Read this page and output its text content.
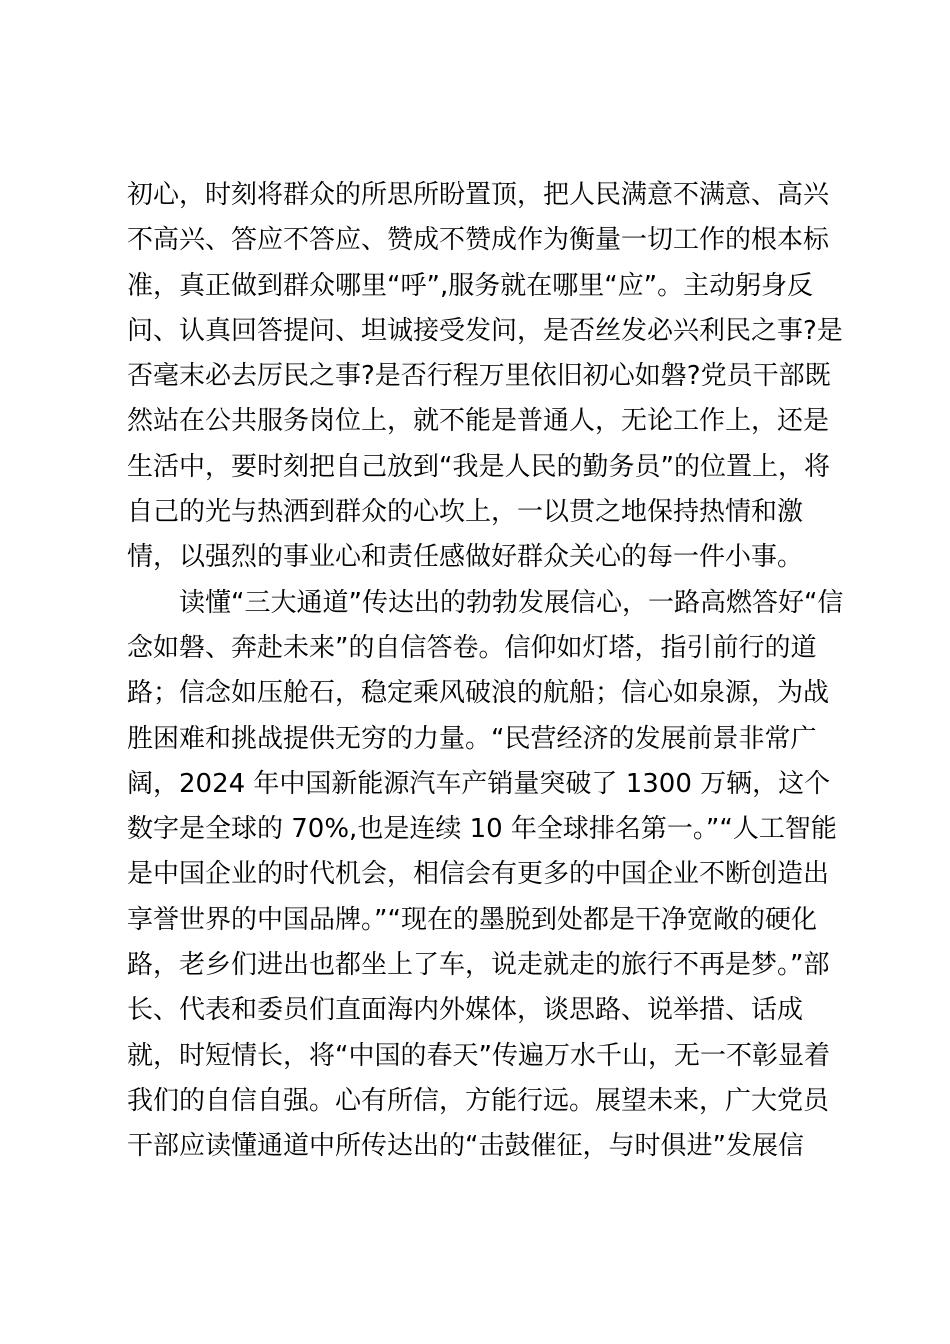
初心，时刻将群众的所思所盼置顶，把人民满意不满意、高兴
不高兴、答应不答应、赞成不赞成作为衡量一切工作的根本标
准，真正做到群众哪里“呼”,服务就在哪里“应”。主动躬身反
问、认真回答提问、坦诚接受发问，是否丝发必兴利民之事?是
否毫末必去厉民之事?是否行程万里依旧初心如磐?党员干部既
然站在公共服务岗位上，就不能是普通人，无论工作上，还是
生活中，要时刻把自己放到“我是人民的勤务员”的位置上，将
自己的光与热洒到群众的心坎上，一以贯之地保持热情和激
情，以强烈的事业心和责任感做好群众关心的每一件小事。
读懂“三大通道”传达出的勃勃发展信心，一路高燃答好“信
念如磐、奔赴未来”的自信答卷。信仰如灯塔，指引前行的道
路；信念如压舱石，稳定乘风破浪的航船；信心如泉源，为战
胜困难和挑战提供无穷的力量。“民营经济的发展前景非常广
阔，2024 年中国新能源汽车产销量突破了 1300 万辆，这个
数字是全球的 70%,也是连续 10 年全球排名第一。”“人工智能
是中国企业的时代机会，相信会有更多的中国企业不断创造出
享誉世界的中国品牌。”“现在的墨脱到处都是干净宽敞的硬化
路，老乡们进出也都坐上了车，说走就走的旅行不再是梦。”部
长、代表和委员们直面海内外媒体，谈思路、说举措、话成
就，时短情长，将“中国的春天”传遍万水千山，无一不彰显着
我们的自信自强。心有所信，方能行远。展望未来，广大党员
干部应读懂通道中所传达出的“击鼓催征，与时俱进”发展信
